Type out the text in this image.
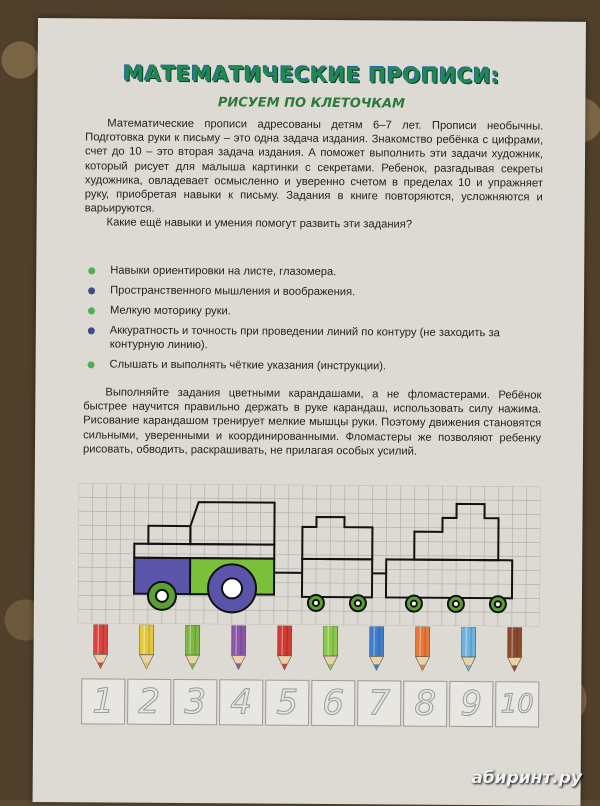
МАТЕМАТИЧЕСКИЕ ПРОПИСИ:
РИСУЕМ ПО КЛЕТОЧКАМ

Математические прописи адресованы детям 6–7 лет. Прописи необычны. Подготовка руки к письму – это одна задача издания. Знакомство ребёнка с цифрами, счет до 10 – это вторая задача издания. А поможет выполнить эти задачи художник, который рисует для малыша картинки с секретами. Ребенок, разгадывая секреты художника, овладевает осмысленно и уверенно счетом в пределах 10 и упражняет руку, приобретая навыки к письму. Задания в книге повторяются, усложняются и варьируются.

Какие ещё навыки и умения помогут развить эти задания?

Навыки ориентировки на листе, глазомера.
Пространственного мышления и воображения.
Мелкую моторику руки.
Аккуратность и точность при проведении линий по контуру (не заходить за контурную линию).
Слышать и выполнять чёткие указания (инструкции).

Выполняйте задания цветными карандашами, а не фломастерами. Ребёнок быстрее научится правильно держать в руке карандаш, использовать силу нажима. Рисование карандашом тренирует мелкие мышцы руки. Поэтому движения становятся сильными, уверенными и координированными. Фломастеры же позволяют ребенку рисовать, обводить, раскрашивать, не прилагая особых усилий.

1 2 3 4 5 6 7 8 9 10
абиринт.ру
